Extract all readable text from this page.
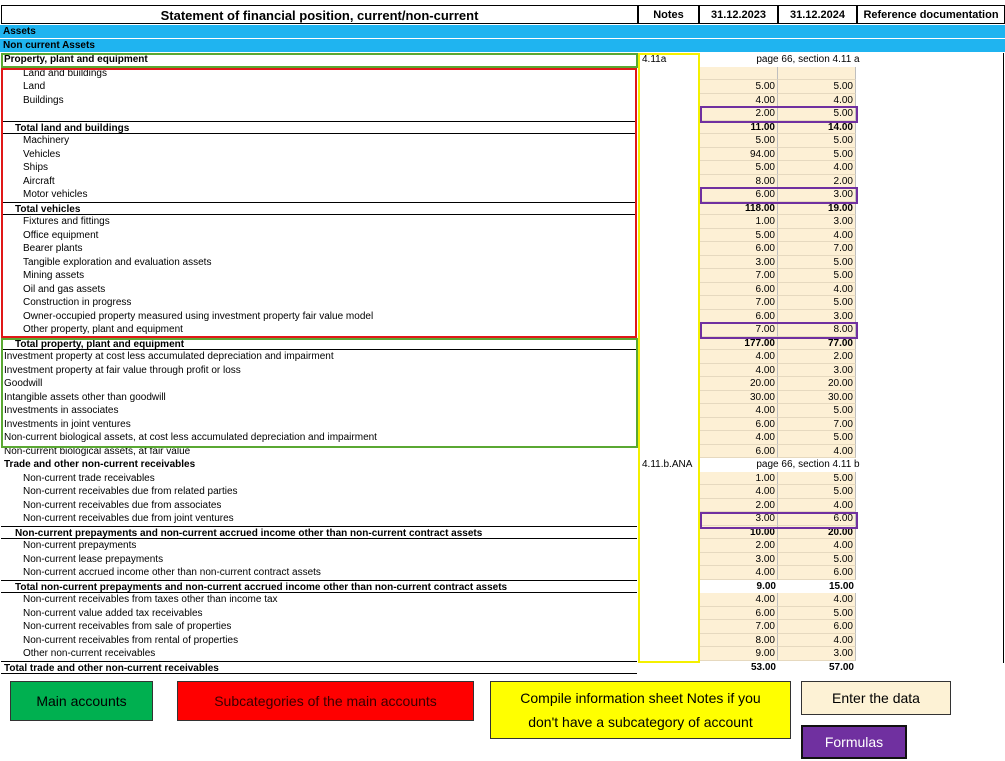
Statement of financial position, current/non-current	Notes	31.12.2023	31.12.2024	Reference documentation
Assets
Non current Assets
Property, plant and equipment	4.11a	page 66, section 4.11 a
Land and buildings
Land	5.00	5.00
Buildings	4.00	4.00
2.00	5.00
Total land and buildings	11.00	14.00
Machinery	5.00	5.00
Vehicles	94.00	5.00
Ships	5.00	4.00
Aircraft	8.00	2.00
Motor vehicles	6.00	3.00
Total vehicles	118.00	19.00
Fixtures and fittings	1.00	3.00
Office equipment	5.00	4.00
Bearer plants	6.00	7.00
Tangible exploration and evaluation assets	3.00	5.00
Mining assets	7.00	5.00
Oil and gas assets	6.00	4.00
Construction in progress	7.00	5.00
Owner-occupied property measured using investment property fair value model	6.00	3.00
Other property, plant and equipment	7.00	8.00
Total property, plant and equipment	177.00	77.00
Investment property at cost less accumulated depreciation and impairment	4.00	2.00
Investment property at fair value through profit or loss	4.00	3.00
Goodwill	20.00	20.00
Intangible assets other than goodwill	30.00	30.00
Investments in associates	4.00	5.00
Investments in joint ventures	6.00	7.00
Non-current biological assets, at cost less accumulated depreciation and impairment	4.00	5.00
Non-current biological assets, at fair value	6.00	4.00
Trade and other non-current receivables	4.11.b.ANA	page 66, section 4.11 b
Non-current trade receivables	1.00	5.00
Non-current receivables due from related parties	4.00	5.00
Non-current receivables due from associates	2.00	4.00
Non-current receivables due from joint ventures	3.00	6.00
Non-current prepayments and non-current accrued income other than non-current contract assets	10.00	20.00
Non-current prepayments	2.00	4.00
Non-current lease prepayments	3.00	5.00
Non-current accrued income other than non-current contract assets	4.00	6.00
Total non-current prepayments and non-current accrued income other than non-current contract assets	9.00	15.00
Non-current receivables from taxes other than income tax	4.00	4.00
Non-current value added tax receivables	6.00	5.00
Non-current receivables from sale of properties	7.00	6.00
Non-current receivables from rental of properties	8.00	4.00
Other non-current receivables	9.00	3.00
Total trade and other non-current receivables	53.00	57.00
Main accounts	Subcategories of the main accounts	Compile information sheet Notes if you
don't have a subcategory of account
Enter the data
Formulas
